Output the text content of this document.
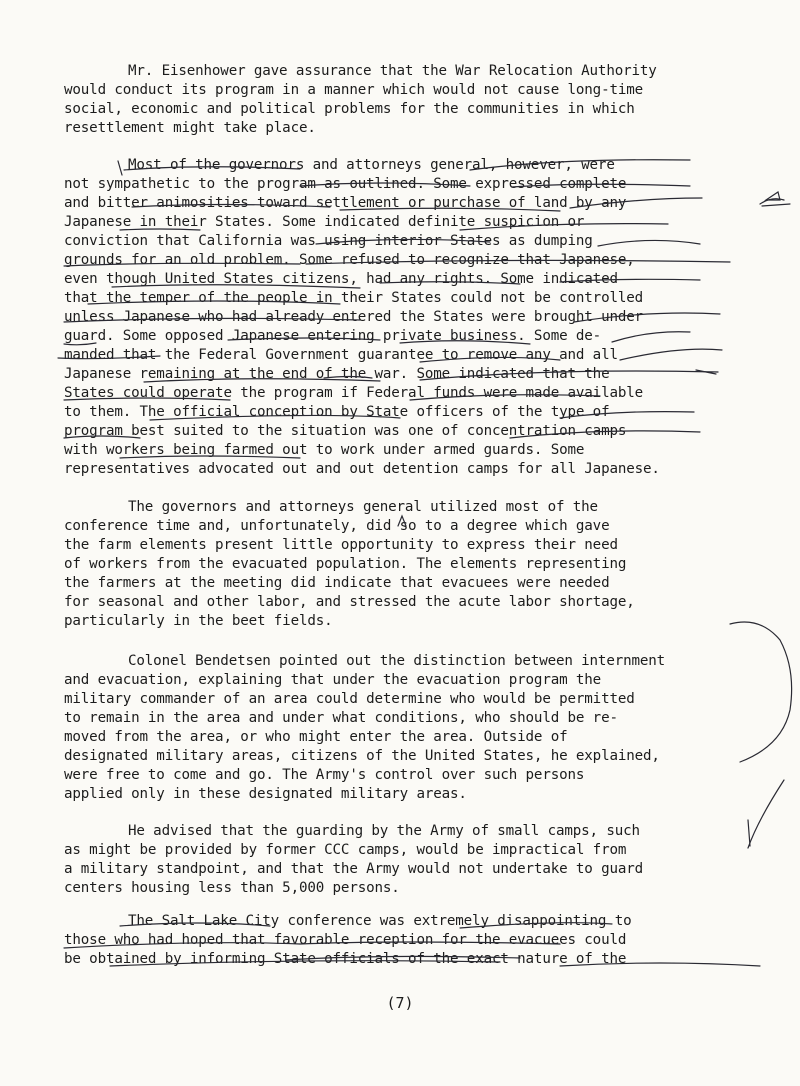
Mr. Eisenhower gave assurance that the War Relocation Authority
would conduct its program in a manner which would not cause long-time
social, economic and political problems for the communities in which
resettlement might take place.
Most of the governors and attorneys general, however, were
not sympathetic to the program as outlined. Some expressed complete
and bitter animosities toward settlement or purchase of land by any
Japanese in their States. Some indicated definite suspicion or
conviction that California was using interior States as dumping
grounds for an old problem. Some refused to recognize that Japanese,
even though United States citizens, had any rights. Some indicated
that the temper of the people in their States could not be controlled
unless Japanese who had already entered the States were brought under
guard. Some opposed Japanese entering private business. Some de-
manded that the Federal Government guarantee to remove any and all
Japanese remaining at the end of the war. Some indicated that the
States could operate the program if Federal funds were made available
to them. The official conception by State officers of the type of
program best suited to the situation was one of concentration camps
with workers being farmed out to work under armed guards. Some
representatives advocated out and out detention camps for all Japanese.
The governors and attorneys general utilized most of the
conference time and, unfortunately, did so to a degree which gave
the farm elements present little opportunity to express their need
of workers from the evacuated population. The elements representing
the farmers at the meeting did indicate that evacuees were needed
for seasonal and other labor, and stressed the acute labor shortage,
particularly in the beet fields.
Colonel Bendetsen pointed out the distinction between internment
and evacuation, explaining that under the evacuation program the
military commander of an area could determine who would be permitted
to remain in the area and under what conditions, who should be re-
moved from the area, or who might enter the area. Outside of
designated military areas, citizens of the United States, he explained,
were free to come and go. The Army's control over such persons
applied only in these designated military areas.
He advised that the guarding by the Army of small camps, such
as might be provided by former CCC camps, would be impractical from
a military standpoint, and that the Army would not undertake to guard
centers housing less than 5,000 persons.
The Salt Lake City conference was extremely disappointing to
those who had hoped that favorable reception for the evacuees could
be obtained by informing State officials of the exact nature of the
(7)
